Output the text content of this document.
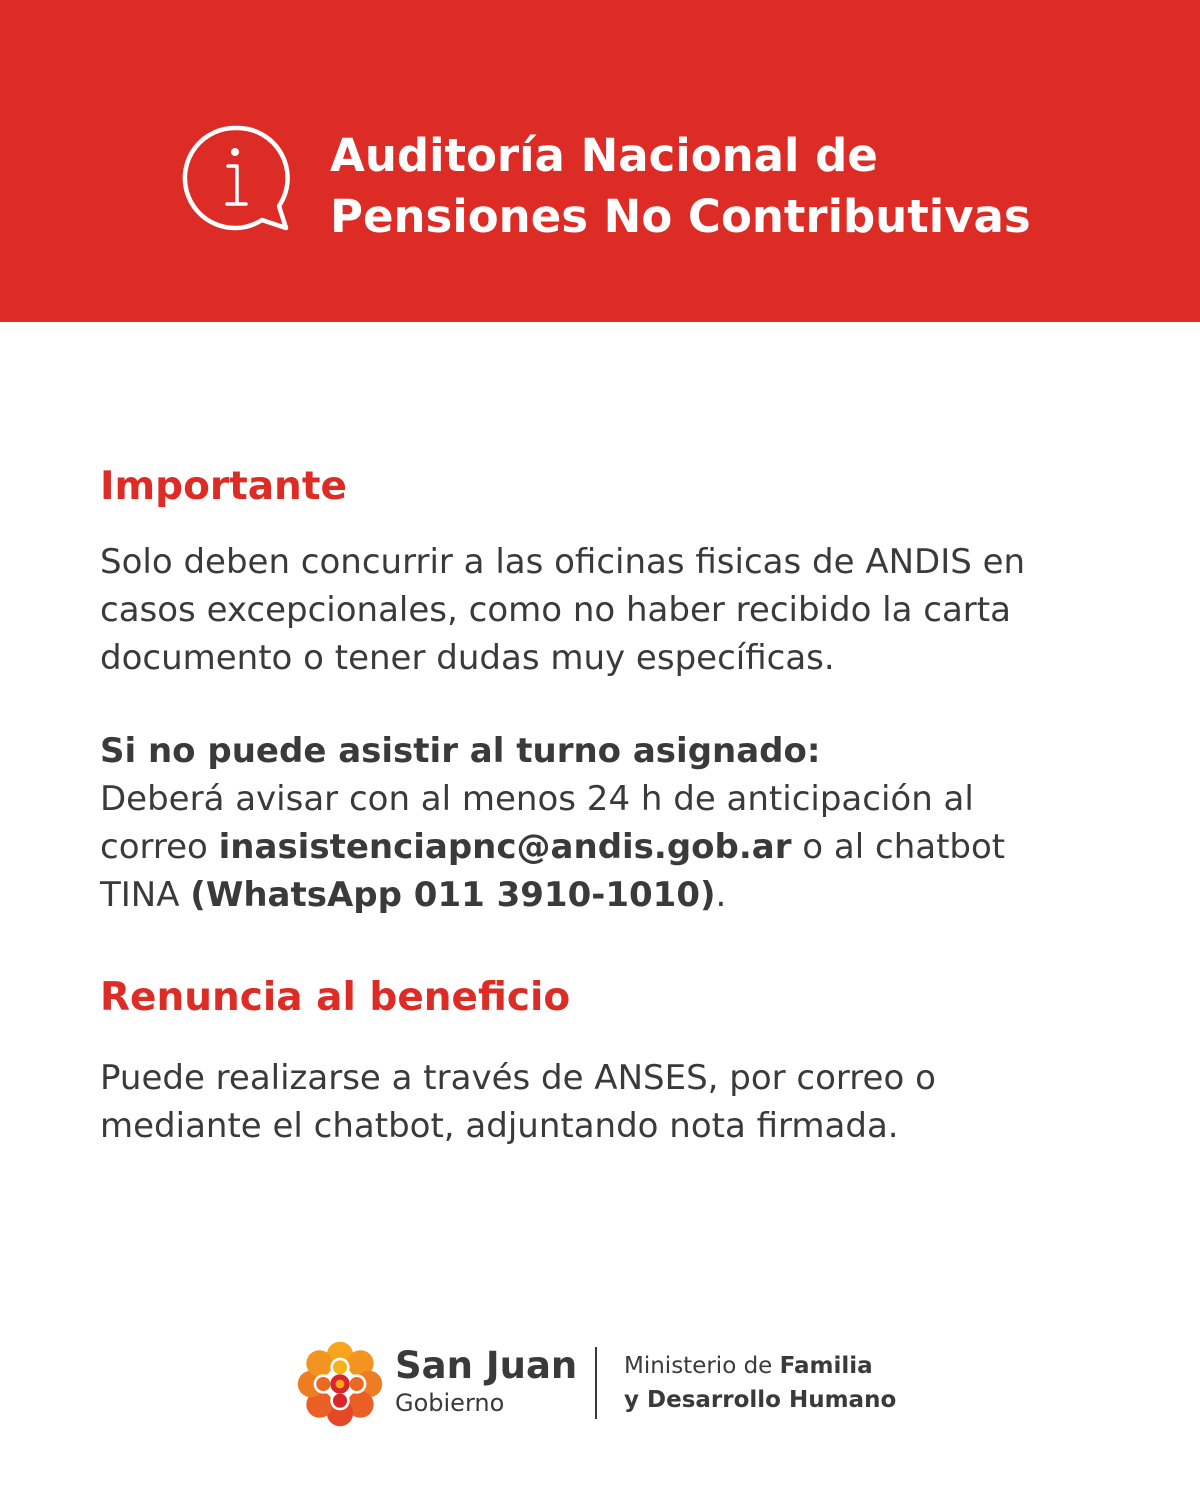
Auditoría Nacional de
Pensiones No Contributivas
Importante

Solo deben concurrir a las oficinas fisicas de ANDIS en
casos excepcionales, como no haber recibido la carta
documento o tener dudas muy específicas.

Si no puede asistir al turno asignado:
Deberá avisar con al menos 24 h de anticipación al
correo inasistenciapnc@andis.gob.ar o al chatbot
TINA (WhatsApp 011 3910-1010).

Renuncia al beneficio

Puede realizarse a través de ANSES, por correo o
mediante el chatbot, adjuntando nota firmada.

San Juan
Gobierno
Ministerio de Familia
y Desarrollo Humano
